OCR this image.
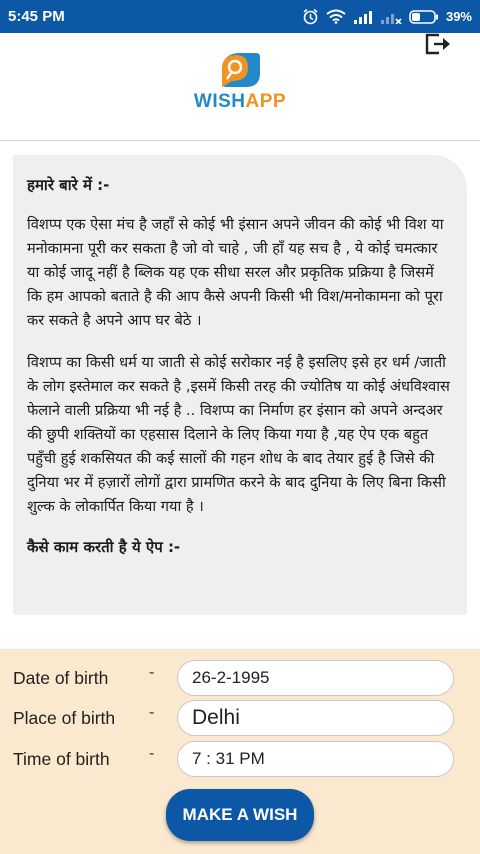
5:45 PM	39%
WISHAPP
हमारे बारे में :-
विशप्प एक ऐसा मंच है जहाँ से कोई भी इंसान अपने जीवन की कोई भी विश या मनोकामना पूरी कर सकता है जो वो चाहे , जी हाँ यह सच है , ये कोई चमत्कार या कोई जादू नहीं है ब्लिक यह एक सीधा सरल और प्रकृतिक प्रक्रिया है जिसमें कि हम आपको बताते है की आप कैसे अपनी किसी भी विश/मनोकामना को पूरा कर सकते है अपने आप घर बेठे ।
विशप्प का किसी धर्म या जाती से कोई सरोकार नई है इसलिए इसे हर धर्म /जाती के लोग इस्तेमाल कर सकते है ,इसमें किसी तरह की ज्योतिष या कोई अंधविश्वास फेलाने वाली प्रक्रिया भी नई है .. विशप्प का निर्माण हर इंसान को अपने अन्दअर की छुपी शक्तियों का एहसास दिलाने के लिए किया गया है ,यह ऐप एक बहुत पहुँची हुई शकसियत की कई सालों की गहन शोध के बाद तेयार हुई है जिसे की दुनिया भर में हज़ारों लोगों द्वारा प्रामणित करने के बाद दुनिया के लिए बिना किसी शुल्क के लोकार्पित किया गया है ।
कैसे काम करती है ये ऐप :-
Date of birth	-	26-2-1995
Place of birth -	Delhi
Time of birth -	7 : 31 PM
MAKE A WISH
